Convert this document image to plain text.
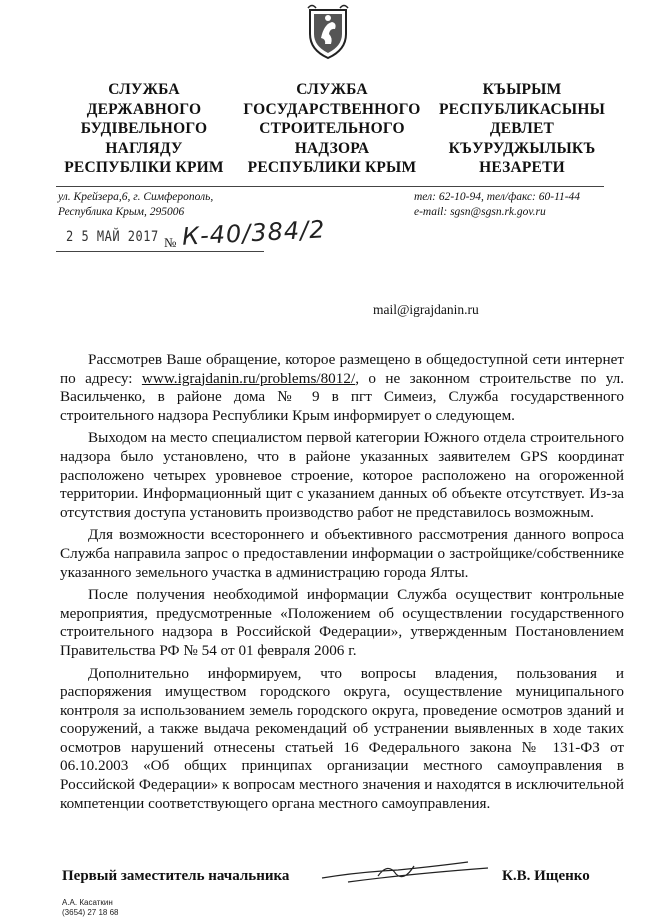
СЛУЖБА
ДЕРЖАВНОГО
БУДІВЕЛЬНОГО
НАГЛЯДУ
РЕСПУБЛІКИ КРИМ
СЛУЖБА
ГОСУДАРСТВЕННОГО
СТРОИТЕЛЬНОГО
НАДЗОРА
РЕСПУБЛИКИ КРЫМ
КЪЫРЫМ
РЕСПУБЛИКАСЫНЫ
ДЕВЛЕТ
КЪУРУДЖЫЛЫКЪ
НЕЗАРЕТИ
ул. Крейзера,6, г. Симферополь,
Республика Крым, 295006
тел: 62-10-94, тел/факс: 60-11-44
e-mail: sgsn@sgsn.rk.gov.ru
2 5 МАЙ 2017 № К-40/384/2
mail@igrajdanin.ru

Рассмотрев Ваше обращение, которое размещено в общедоступной сети интернет по адресу: www.igrajdanin.ru/problems/8012/, о не законном строительстве по ул. Васильченко, в районе дома № 9 в пгт Симеиз, Служба государственного строительного надзора Республики Крым информирует о следующем.

Выходом на место специалистом первой категории Южного отдела строительного надзора было установлено, что в районе указанных заявителем GPS координат расположено четырех уровневое строение, которое расположено на огороженной территории. Информационный щит с указанием данных об объекте отсутствует. Из-за отсутствия доступа установить производство работ не представилось возможным.

Для возможности всестороннего и объективного рассмотрения данного вопроса Служба направила запрос о предоставлении информации о застройщике/собственнике указанного земельного участка в администрацию города Ялты.

После получения необходимой информации Служба осуществит контрольные мероприятия, предусмотренные «Положением об осуществлении государственного строительного надзора в Российской Федерации», утвержденным Постановлением Правительства РФ № 54 от 01 февраля 2006 г.

Дополнительно информируем, что вопросы владения, пользования и распоряжения имуществом городского округа, осуществление муниципального контроля за использованием земель городского округа, проведение осмотров зданий и сооружений, а также выдача рекомендаций об устранении выявленных в ходе таких осмотров нарушений отнесены статьей 16 Федерального закона № 131-ФЗ от 06.10.2003 «Об общих принципах организации местного самоуправления в Российской Федерации» к вопросам местного значения и находятся в исключительной компетенции соответствующего органа местного самоуправления.

Первый заместитель начальника	К.В. Ищенко
А.А. Касаткин
(3654) 27 18 68
